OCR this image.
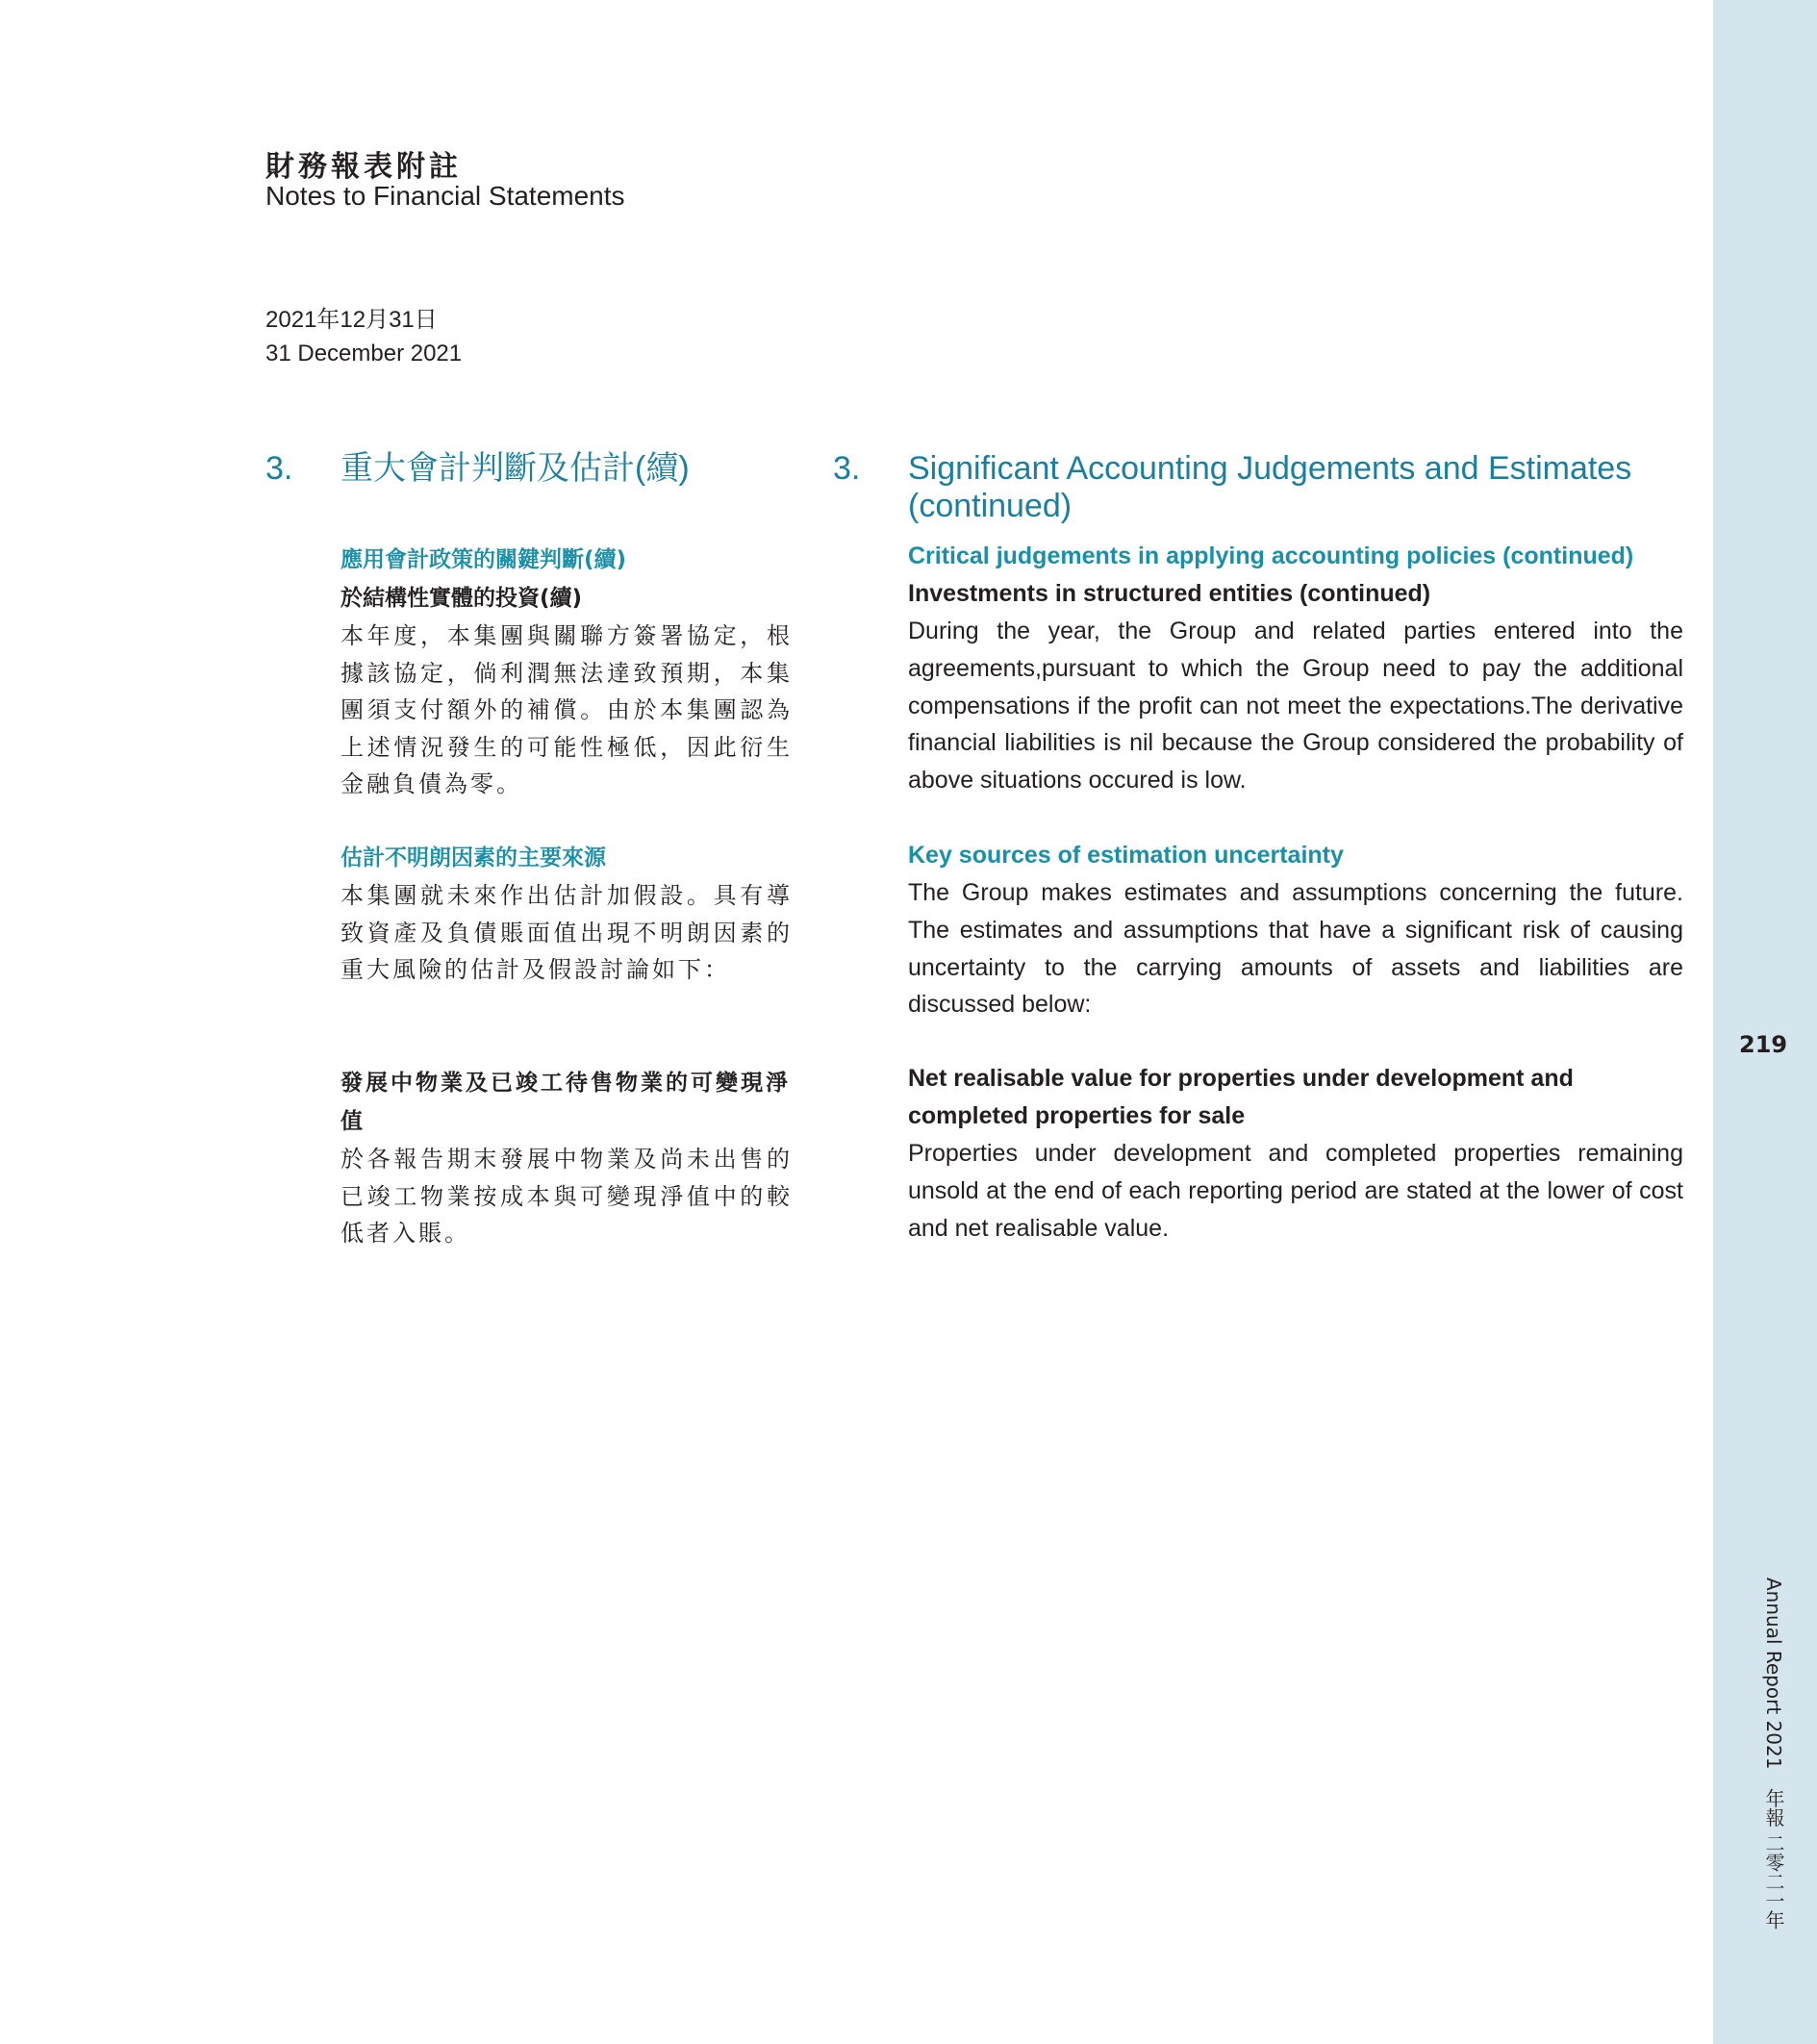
219
Annual Report 2021　年報 二零二一年
財務報表附註
Notes to Financial Statements
2021年12月31日
31 December 2021
3. 重大會計判斷及估計(續)	3. Significant Accounting Judgements and Estimates
(continued)

應用會計政策的關鍵判斷(續)

於結構性實體的投資(續)

本年度，本集團與關聯方簽署協定，根據該協定，倘利潤無法達致預期，本集團須支付額外的補償。由於本集團認為上述情況發生的可能性極低，因此衍生金融負債為零。

估計不明朗因素的主要來源

本集團就未來作出估計加假設。具有導致資產及負債賬面值出現不明朗因素的重大風險的估計及假設討論如下：

發展中物業及已竣工待售物業的可變現淨值

於各報告期末發展中物業及尚未出售的已竣工物業按成本與可變現淨值中的較低者入賬。

Critical judgements in applying accounting policies (continued)

Investments in structured entities (continued)

During the year, the Group and related parties entered into the agreements,pursuant to which the Group need to pay the additional compensations if the profit can not meet the expectations.The derivative financial liabilities is nil because the Group considered the probability of above situations occured is low.

Key sources of estimation uncertainty

The Group makes estimates and assumptions concerning the future. The estimates and assumptions that have a significant risk of causing uncertainty to the carrying amounts of assets and liabilities are discussed below:

Net realisable value for properties under development and completed properties for sale

Properties under development and completed properties remaining unsold at the end of each reporting period are stated at the lower of cost and net realisable value.
